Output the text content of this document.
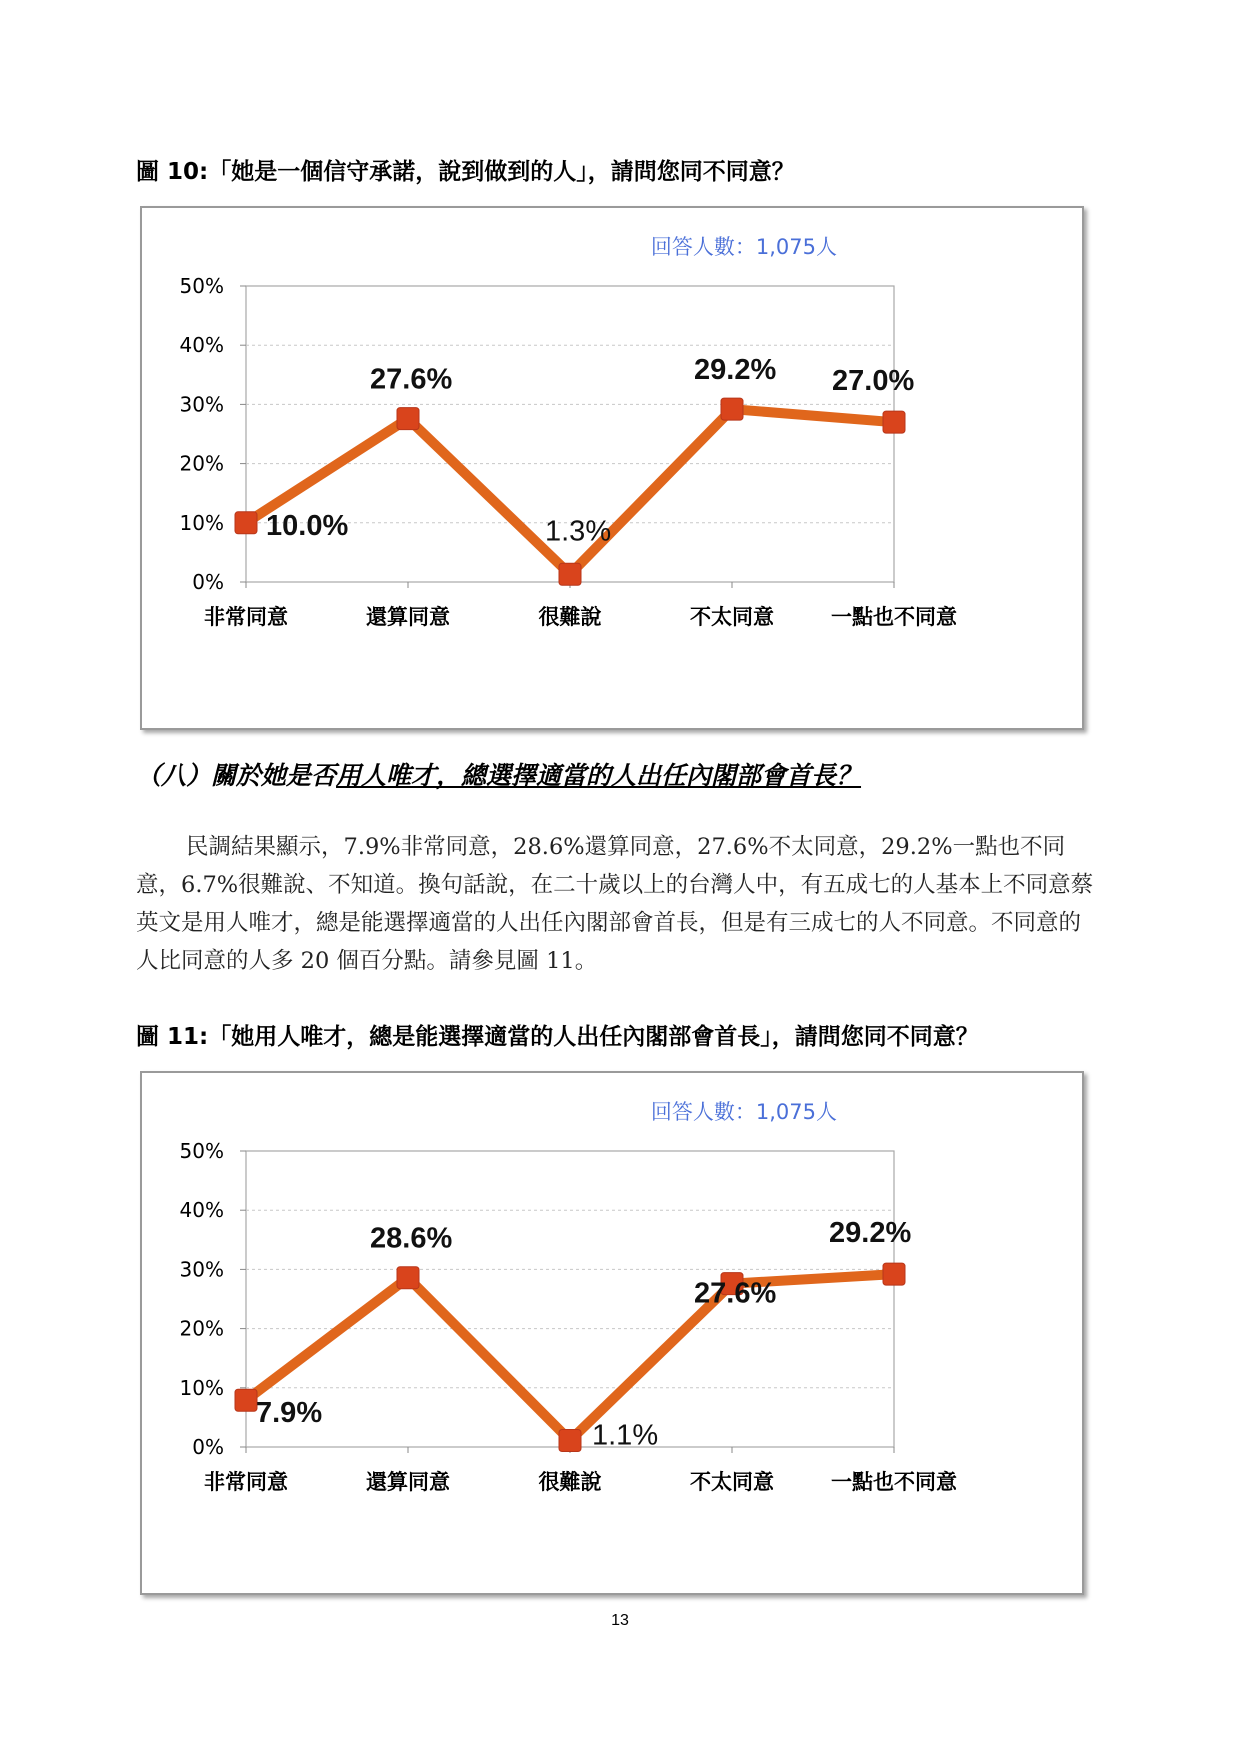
圖 10:「她是一個信守承諾，說到做到的人」，請問您同不同意？
回答人數：1,075人
0%
10%
20%
30%
40%
50%
非常同意	還算同意	很難說	不太同意	一點也不同意
10.0%
27.6%
1.3%
29.2% 27.0%
（八）關於她是否用人唯才，總選擇適當的人出任內閣部會首長？
民調結果顯示，7.9%非常同意，28.6%還算同意，27.6%不太同意，29.2%一點也不同意，6.7%很難說、不知道。換句話說，在二十歲以上的台灣人中，有五成七的人基本上不同意蔡英文是用人唯才，總是能選擇適當的人出任內閣部會首長，但是有三成七的人不同意。不同意的人比同意的人多 20 個百分點。請參見圖 11。
圖 11:「她用人唯才，總是能選擇適當的人出任內閣部會首長」，請問您同不同意？
回答人數：1,075人
0%
10%
20%
30%
40%
50%
非常同意	還算同意	很難說	不太同意	一點也不同意
7.9%
28.6%
1.1%
27.6%
29.2%
13
